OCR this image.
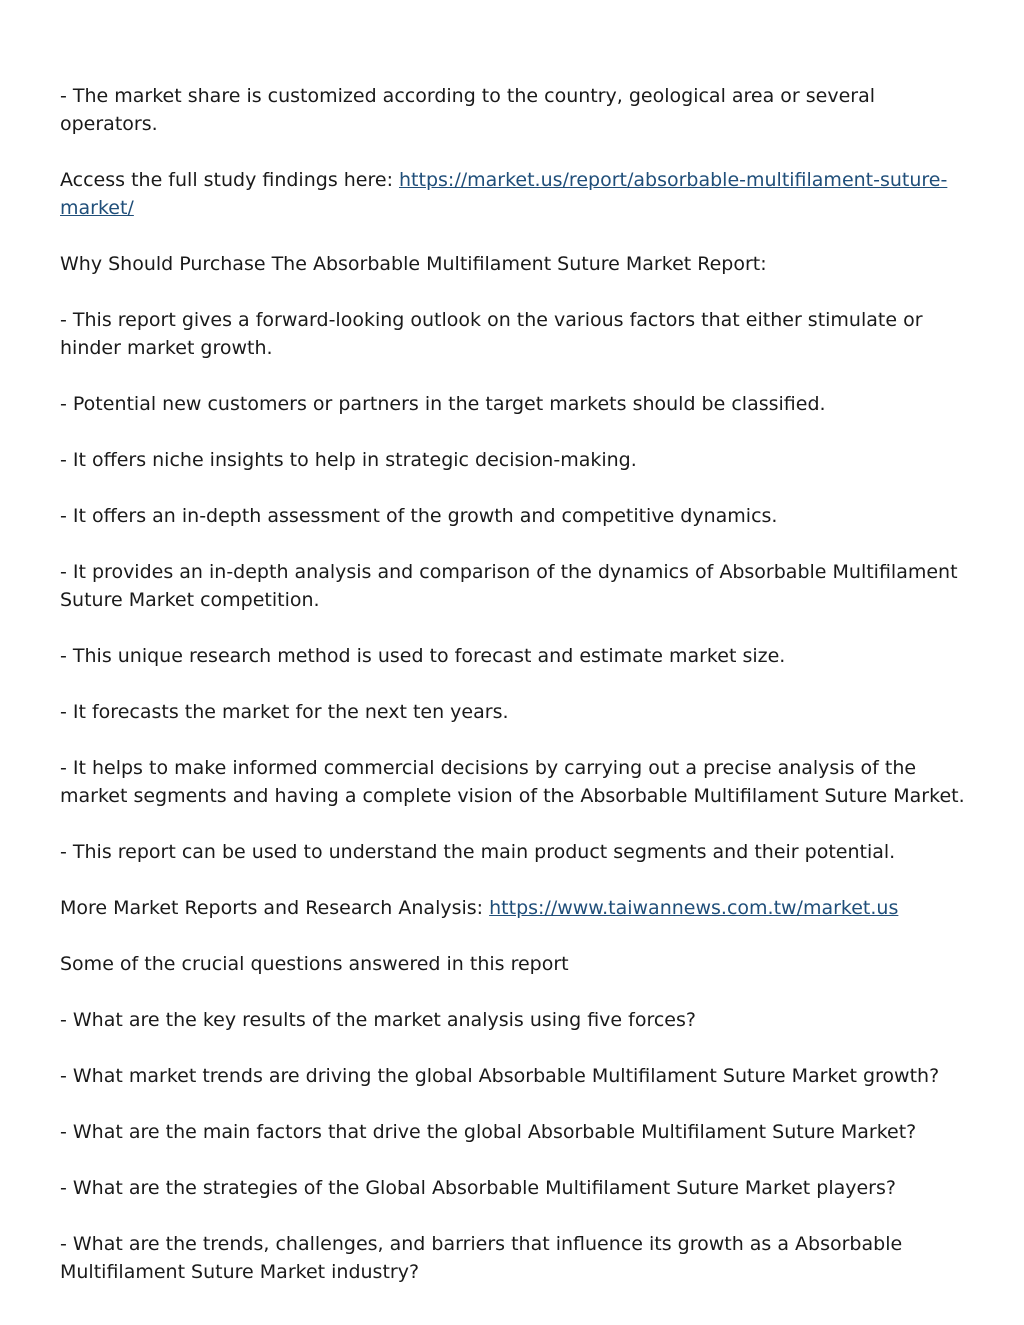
- The market share is customized according to the country, geological area or several operators.

Access the full study findings here: https://market.us/report/absorbable-multifilament-suture-market/

Why Should Purchase The Absorbable Multifilament Suture Market Report:

- This report gives a forward-looking outlook on the various factors that either stimulate or hinder market growth.

- Potential new customers or partners in the target markets should be classified.

- It offers niche insights to help in strategic decision-making.

- It offers an in-depth assessment of the growth and competitive dynamics.

- It provides an in-depth analysis and comparison of the dynamics of Absorbable Multifilament Suture Market competition.

- This unique research method is used to forecast and estimate market size.

- It forecasts the market for the next ten years.

- It helps to make informed commercial decisions by carrying out a precise analysis of the market segments and having a complete vision of the Absorbable Multifilament Suture Market.

- This report can be used to understand the main product segments and their potential.

More Market Reports and Research Analysis: https://www.taiwannews.com.tw/market.us

Some of the crucial questions answered in this report

- What are the key results of the market analysis using five forces?

- What market trends are driving the global Absorbable Multifilament Suture Market growth?

- What are the main factors that drive the global Absorbable Multifilament Suture Market?

- What are the strategies of the Global Absorbable Multifilament Suture Market players?

- What are the trends, challenges, and barriers that influence its growth as a Absorbable Multifilament Suture Market industry?
